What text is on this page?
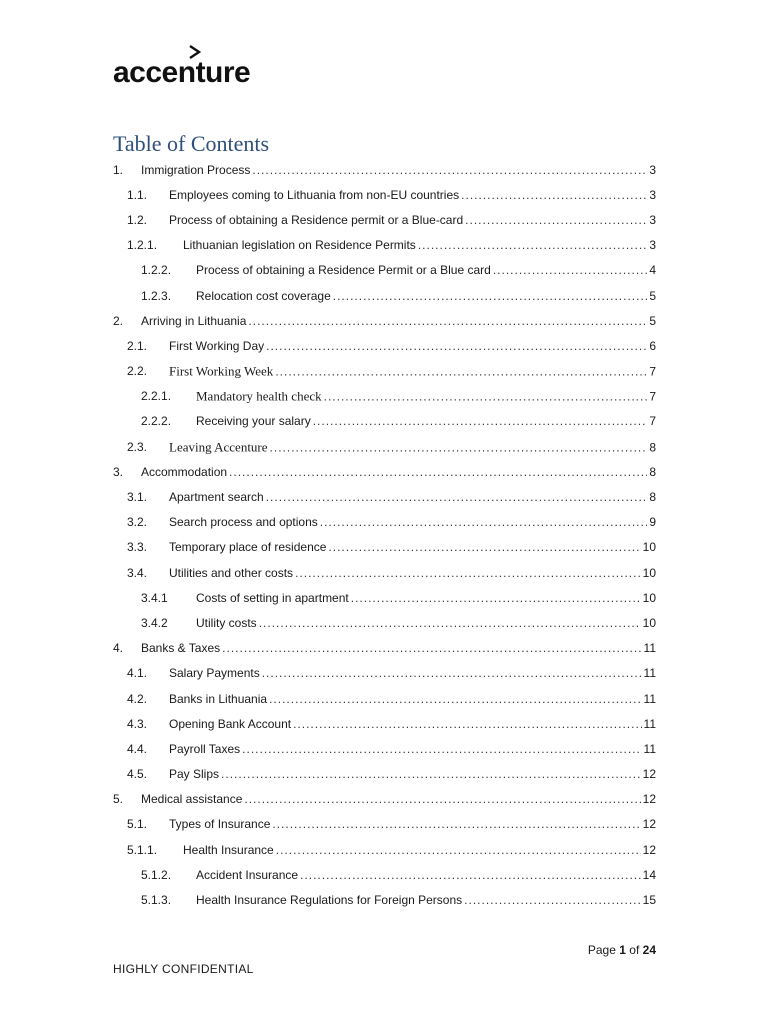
accenture
Table of Contents
1. Immigration Process .....	3
1.1. Employees coming to Lithuania from non-EU countries .....	3
1.2. Process of obtaining a Residence permit or a Blue-card .....	3
1.2.1. Lithuanian legislation on Residence Permits .....	3
1.2.2. Process of obtaining a Residence Permit or a Blue card .....	4
1.2.3. Relocation cost coverage .....	5
2. Arriving in Lithuania .....	5
2.1. First Working Day .....	6
2.2. First Working Week .....	7
2.2.1. Mandatory health check .....	7
2.2.2. Receiving your salary .....	7
2.3. Leaving Accenture .....	8
3. Accommodation .....	8
3.1. Apartment search .....	8
3.2. Search process and options .....	9
3.3. Temporary place of residence .....	10
3.4. Utilities and other costs .....	10
3.4.1 Costs of setting in apartment .....	10
3.4.2 Utility costs .....	10
4. Banks & Taxes .....	11
4.1. Salary Payments .....	11
4.2. Banks in Lithuania .....	11
4.3. Opening Bank Account .....	11
4.4. Payroll Taxes .....	11
4.5. Pay Slips .....	12
5. Medical assistance .....	12
5.1. Types of Insurance .....	12
5.1.1. Health Insurance .....	12
5.1.2. Accident Insurance .....	14
5.1.3. Health Insurance Regulations for Foreign Persons .....	15
Page 1 of 24
HIGHLY CONFIDENTIAL
